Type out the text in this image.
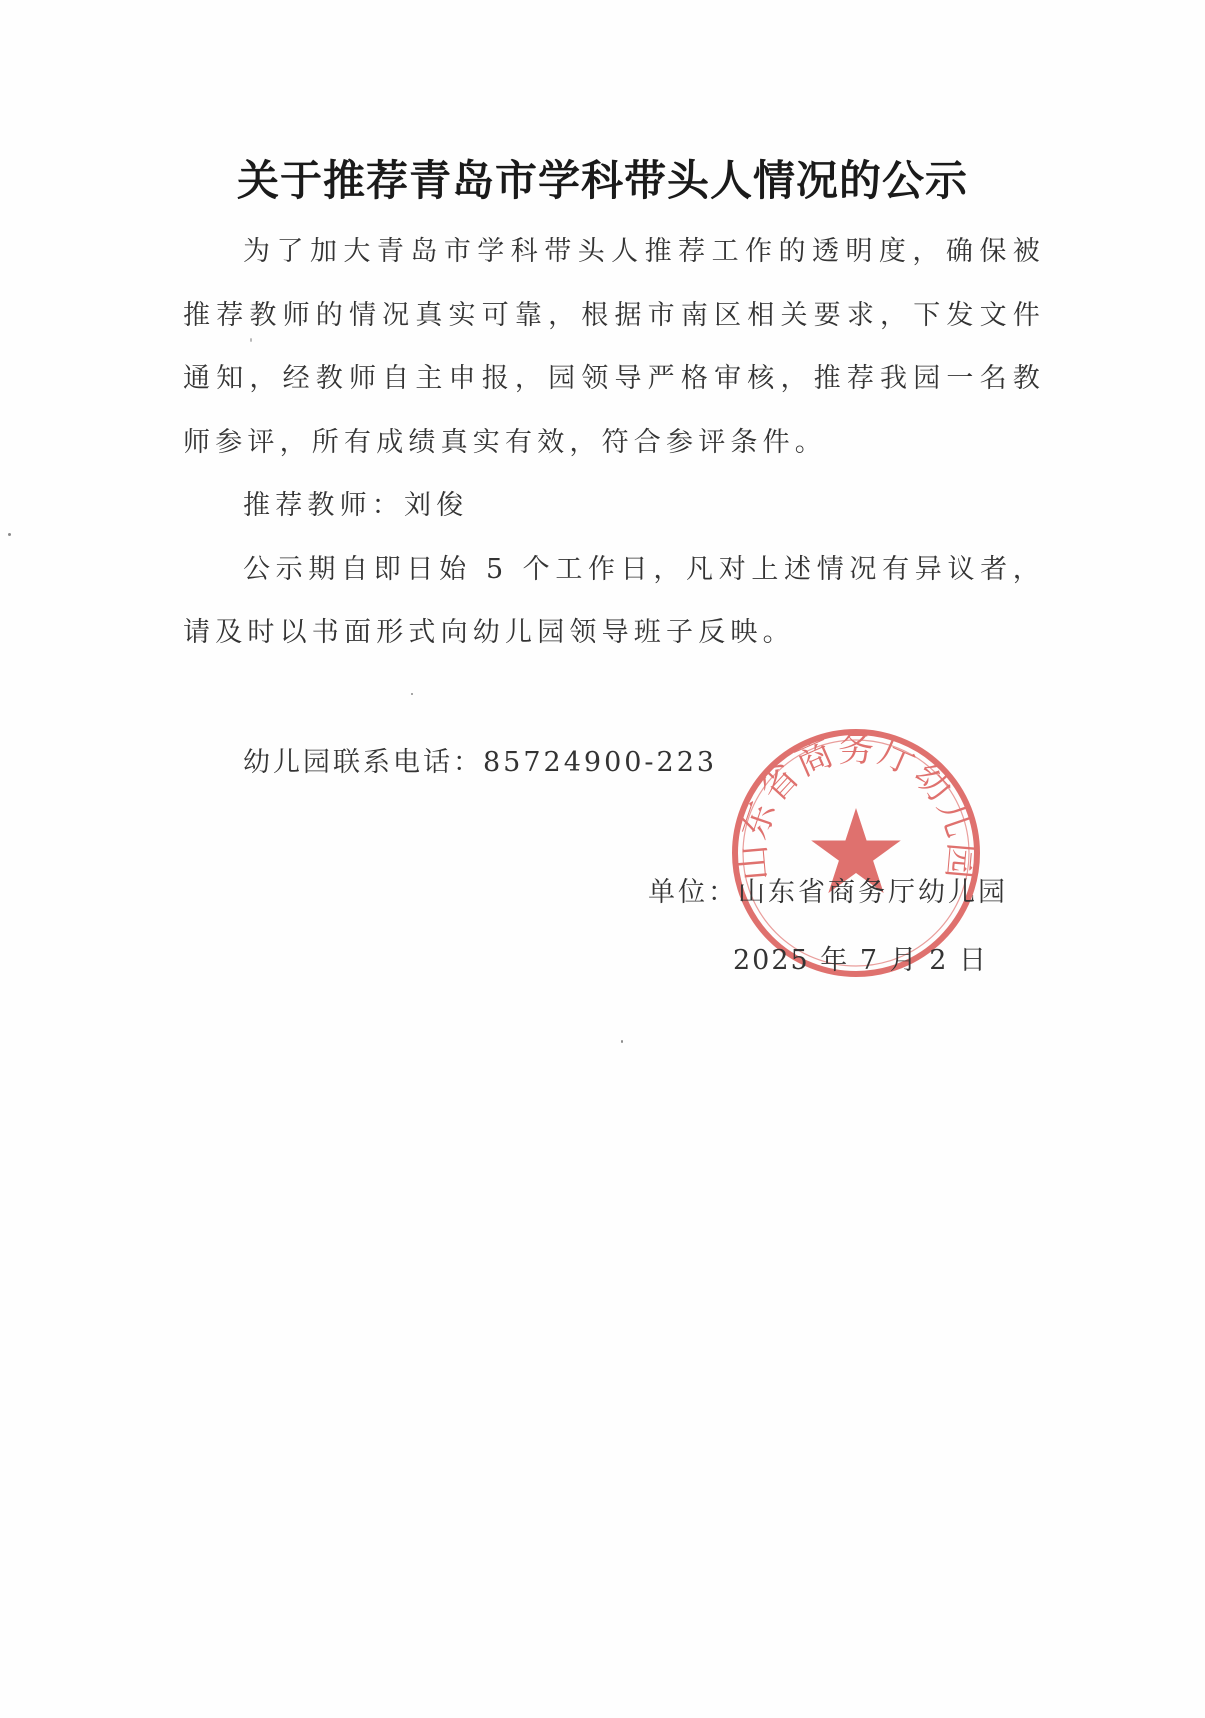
关于推荐青岛市学科带头人情况的公示

为了加大青岛市学科带头人推荐工作的透明度，确保被推荐教师的情况真实可靠，根据市南区相关要求，下发文件通知，经教师自主申报，园领导严格审核，推荐我园一名教师参评，所有成绩真实有效，符合参评条件。

推荐教师：刘俊

公示期自即日始 5 个工作日，凡对上述情况有异议者，请及时以书面形式向幼儿园领导班子反映。

幼儿园联系电话：85724900-223
山东省商务厅幼儿园
单位：山东省商务厅幼儿园
2025 年 7 月 2 日
